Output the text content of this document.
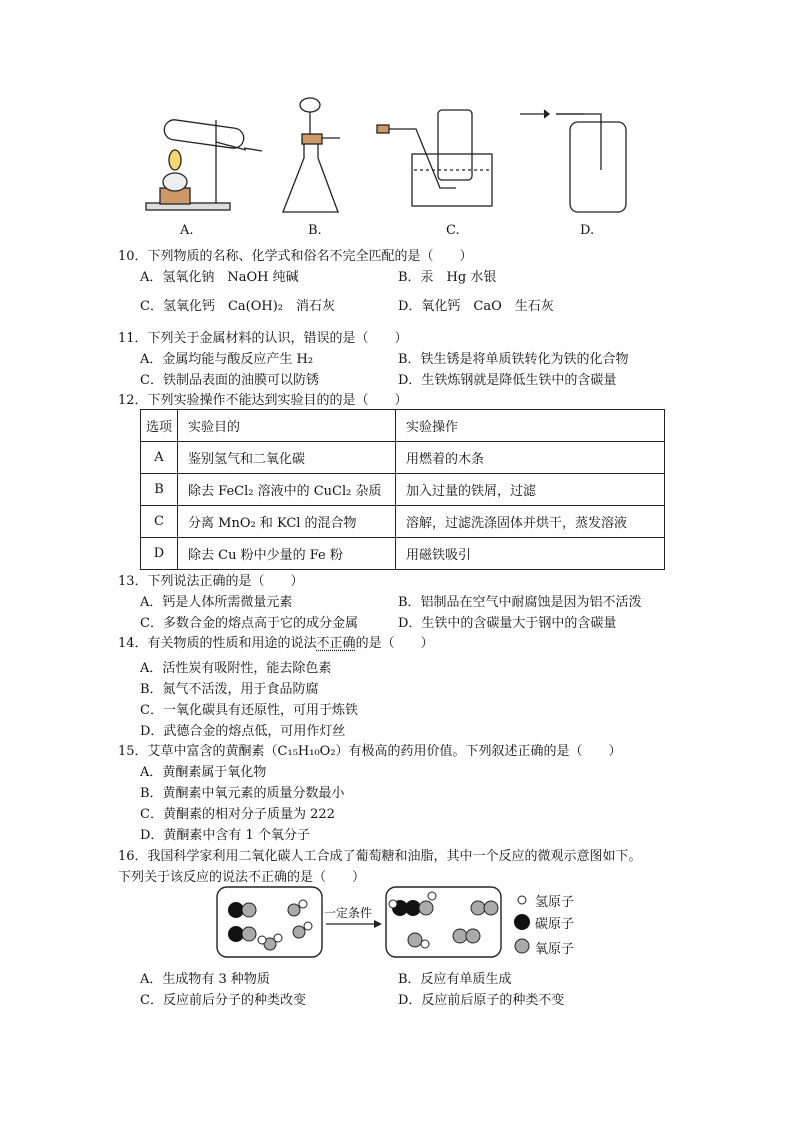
A.	B.	C.	D.
10．下列物质的名称、化学式和俗名不完全匹配的是（　　）
A．氢氧化钠　NaOH 纯碱	B．汞　Hg 水银
C．氢氧化钙　Ca(OH)₂　消石灰	D．氧化钙　CaO　生石灰
11．下列关于金属材料的认识，错误的是（　　）
A．金属均能与酸反应产生 H₂	B．铁生锈是将单质铁转化为铁的化合物
C．铁制品表面的油膜可以防锈	D．生铁炼钢就是降低生铁中的含碳量
12．下列实验操作不能达到实验目的的是（　　）
选项	实验目的	实验操作
A	鉴别氢气和二氧化碳	用燃着的木条
B	除去 FeCl₂ 溶液中的 CuCl₂ 杂质	加入过量的铁屑，过滤
C	分离 MnO₂ 和 KCl 的混合物	溶解，过滤洗涤固体并烘干，蒸发溶液
D	除去 Cu 粉中少量的 Fe 粉	用磁铁吸引
13．下列说法正确的是（　　）
A．钙是人体所需微量元素	B．铝制品在空气中耐腐蚀是因为铝不活泼
C．多数合金的熔点高于它的成分金属	D．生铁中的含碳量大于钢中的含碳量
14．有关物质的性质和用途的说法不正确的是（　　）
A．活性炭有吸附性，能去除色素
B．氮气不活泼，用于食品防腐
C．一氧化碳具有还原性，可用于炼铁
D．武德合金的熔点低，可用作灯丝
15．艾草中富含的黄酮素（C₁₅H₁₀O₂）有极高的药用价值。下列叙述正确的是（　　）
A．黄酮素属于氧化物
B．黄酮素中氧元素的质量分数最小
C．黄酮素的相对分子质量为 222
D．黄酮素中含有 1 个氧分子
16．我国科学家利用二氧化碳人工合成了葡萄糖和油脂，其中一个反应的微观示意图如下。
下列关于该反应的说法不正确的是（　　）
一定条件
氢原子
碳原子
氧原子
A．生成物有 3 种物质	B．反应有单质生成
C．反应前后分子的种类改变	D．反应前后原子的种类不变
